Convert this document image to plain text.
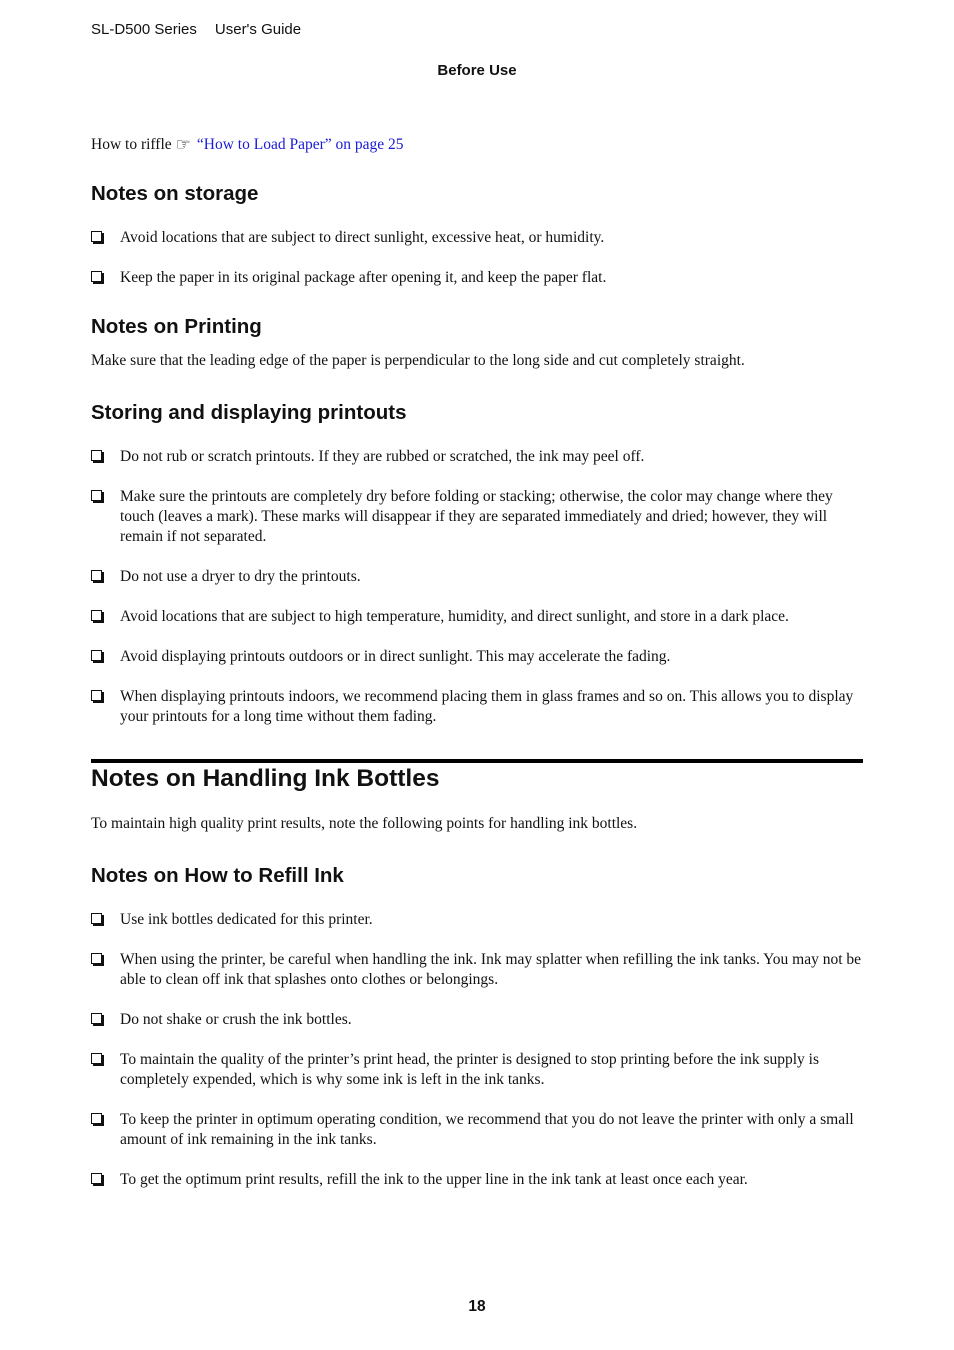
SL-D500 Series User's Guide
Before Use
How to riffle ☞ “How to Load Paper” on page 25
Notes on storage
Avoid locations that are subject to direct sunlight, excessive heat, or humidity.
Keep the paper in its original package after opening it, and keep the paper flat.
Notes on Printing

Make sure that the leading edge of the paper is perpendicular to the long side and cut completely straight.

Storing and displaying printouts
Do not rub or scratch printouts. If they are rubbed or scratched, the ink may peel off.
Make sure the printouts are completely dry before folding or stacking; otherwise, the color may change where they touch (leaves a mark). These marks will disappear if they are separated immediately and dried; however, they will remain if not separated.
Do not use a dryer to dry the printouts.
Avoid locations that are subject to high temperature, humidity, and direct sunlight, and store in a dark place.
Avoid displaying printouts outdoors or in direct sunlight. This may accelerate the fading.
When displaying printouts indoors, we recommend placing them in glass frames and so on. This allows you to display your printouts for a long time without them fading.
Notes on Handling Ink Bottles

To maintain high quality print results, note the following points for handling ink bottles.

Notes on How to Refill Ink
Use ink bottles dedicated for this printer.
When using the printer, be careful when handling the ink. Ink may splatter when refilling the ink tanks. You may not be able to clean off ink that splashes onto clothes or belongings.
Do not shake or crush the ink bottles.
To maintain the quality of the printer’s print head, the printer is designed to stop printing before the ink supply is completely expended, which is why some ink is left in the ink tanks.
To keep the printer in optimum operating condition, we recommend that you do not leave the printer with only a small amount of ink remaining in the ink tanks.
To get the optimum print results, refill the ink to the upper line in the ink tank at least once each year.
18
